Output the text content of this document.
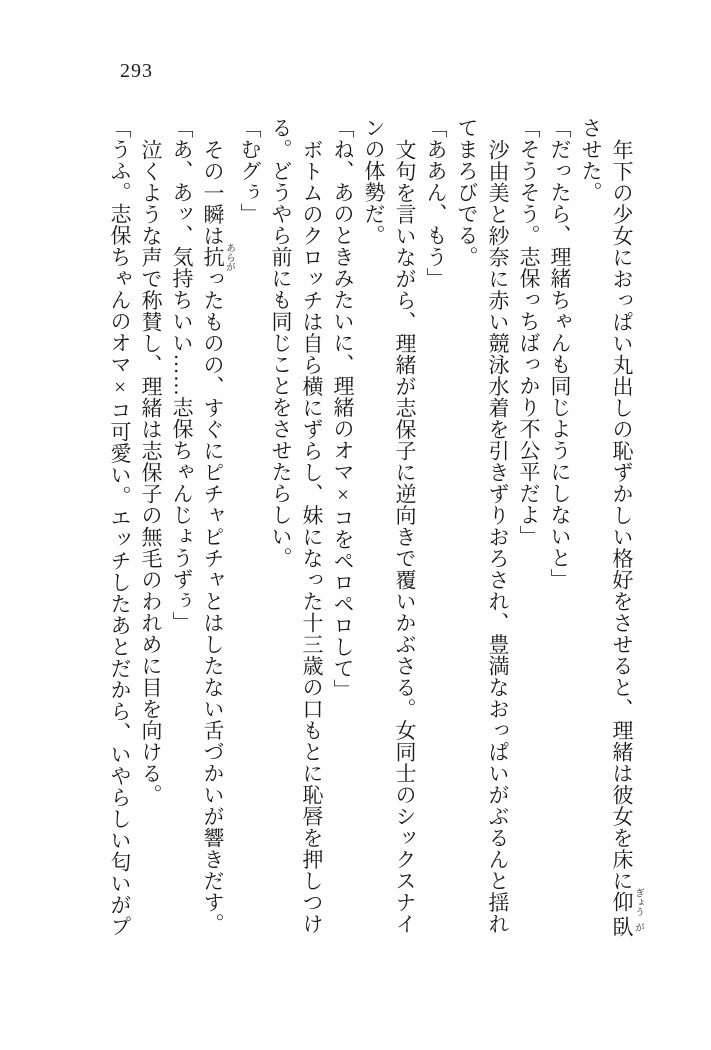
293

年下の少女におっぱい丸出しの恥ずかしい格好をさせると、理緒は彼女を床に仰 ぎょう臥 がさせた。

「だったら、理緒ちゃんも同じようにしないと」

「そうそう。志保っちばっかり不公平だよ」

沙由美と紗奈に赤い競泳水着を引きずりおろされ、豊満なおっぱいがぶるんと揺れてまろびでる。

「ああん、もう」

文句を言いながら、理緒が志保子に逆向きで覆いかぶさる。女同士のシックスナインの体勢だ。

「ね、あのときみたいに、理緒のオマ×コをペロペロして」

ボトムのクロッチは自ら横にずらし、妹になった十三歳の口もとに恥唇を押しつける。どうやら前にも同じことをさせたらしい。

「むグぅ」

その一瞬は抗 あらがったものの、すぐにピチャピチャとはしたない舌づかいが響きだす。

「あ、あッ、気持ちいい……志保ちゃんじょうずぅ」

泣くような声で称賛し、理緒は志保子の無毛のわれめに目を向ける。

「うふ。志保ちゃんのオマ×コ可愛い。エッチしたあとだから、いやらしい匂いがプ
